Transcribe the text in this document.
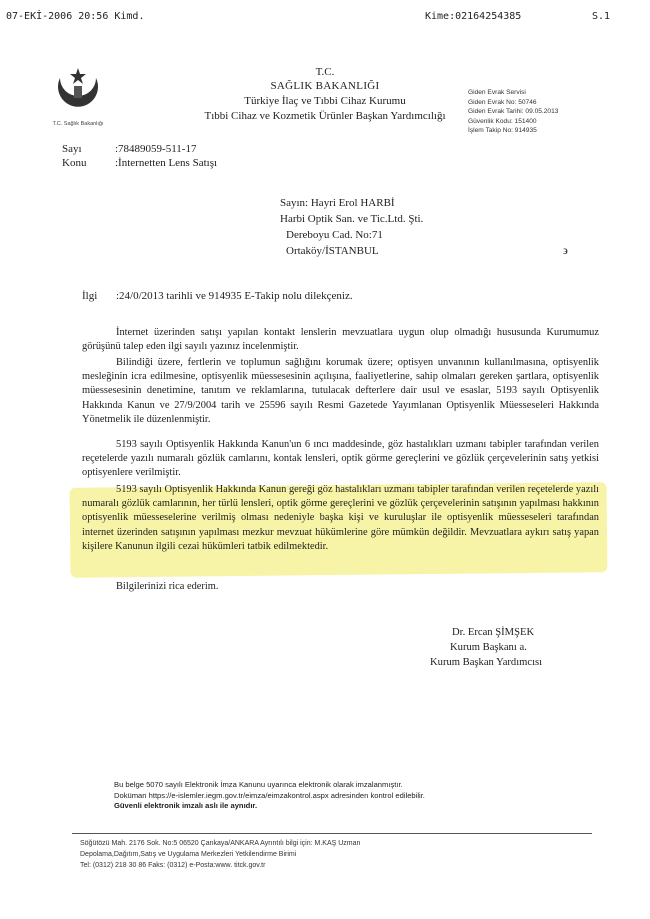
07-EKİ-2006 20:56 Kimd.	Kime:02164254385	S.1
T.C. Sağlık Bakanlığı
T.C.
SAĞLIK BAKANLIĞI
Türkiye İlaç ve Tıbbi Cihaz Kurumu
Tıbbi Cihaz ve Kozmetik Ürünler Başkan Yardımcılığı
Giden Evrak Servisi
Giden Evrak No: 50746
Giden Evrak Tarihi: 09.05.2013
Güvenlik Kodu: 151400
İşlem Takip No: 914935
Sayı	:78489059-511-17
Konu	:İnternetten Lens Satışı
Sayın: Hayri Erol HARBİ
Harbi Optik San. ve Tic.Ltd. Şti.
Dereboyu Cad. No:71
Ortaköy/İSTANBUL	϶
İlgi :24/0/2013 tarihli ve 914935 E-Takip nolu dilekçeniz.
İnternet üzerinden satışı yapılan kontakt lenslerin mevzuatlara uygun olup olmadığı hususunda Kurumumuz görüşünü talep eden ilgi sayılı yazınız incelenmiştir.
Bilindiği üzere, fertlerin ve toplumun sağlığını korumak üzere; optisyen unvanının kullanılmasına, optisyenlik mesleğinin icra edilmesine, optisyenlik müessesesinin açılışına, faaliyetlerine, sahip olmaları gereken şartlara, optisyenlik müessesesinin denetimine, tanıtım ve reklamlarına, tutulacak defterlere dair usul ve esaslar, 5193 sayılı Optisyenlik Hakkında Kanun ve 27/9/2004 tarih ve 25596 sayılı Resmi Gazetede Yayımlanan Optisyenlik Müesseseleri Hakkında Yönetmelik ile düzenlenmiştir.
5193 sayılı Optisyenlik Hakkında Kanun'un 6 ıncı maddesinde, göz hastalıkları uzmanı tabipler tarafından verilen reçetelerde yazılı numaralı gözlük camlarını, kontak lensleri, optik görme gereçlerini ve gözlük çerçevelerinin satış yetkisi optisyenlere verilmiştir.
5193 sayılı Optisyenlik Hakkında Kanun gereği göz hastalıkları uzmanı tabipler tarafından verilen reçetelerde yazılı numaralı gözlük camlarının, her türlü lensleri, optik görme gereçlerini ve gözlük çerçevelerinin satışının yapılması hakkının optisyenlik müesseselerine verilmiş olması nedeniyle başka kişi ve kuruluşlar ile optisyenlik müesseseleri tarafından internet üzerinden satışının yapılması mezkur mevzuat hükümlerine göre mümkün değildir. Mevzuatlara aykırı satış yapan kişilere Kanunun ilgili cezai hükümleri tatbik edilmektedir.
Bilgilerinizi rica ederim.
Dr. Ercan ŞİMŞEK
Kurum Başkanı a.
Kurum Başkan Yardımcısı
Bu belge 5070 sayılı Elektronik İmza Kanunu uyarınca elektronik olarak imzalanmıştır.
Doküman https://e-islemler.iegm.gov.tr/eimza/eimzakontrol.aspx adresinden kontrol edilebilir.
Güvenli elektronik imzalı aslı ile aynıdır.
Söğütözü Mah. 2176 Sok. No:5 06520 Çankaya/ANKARA Ayrıntılı bilgi için: M.KAŞ Uzman
Depolama,Dağıtım,Satış ve Uygulama Merkezleri Yetkilendirme Birimi
Tel: (0312) 218 30 86 Faks: (0312) e-Posta:www. titck.gov.tr
